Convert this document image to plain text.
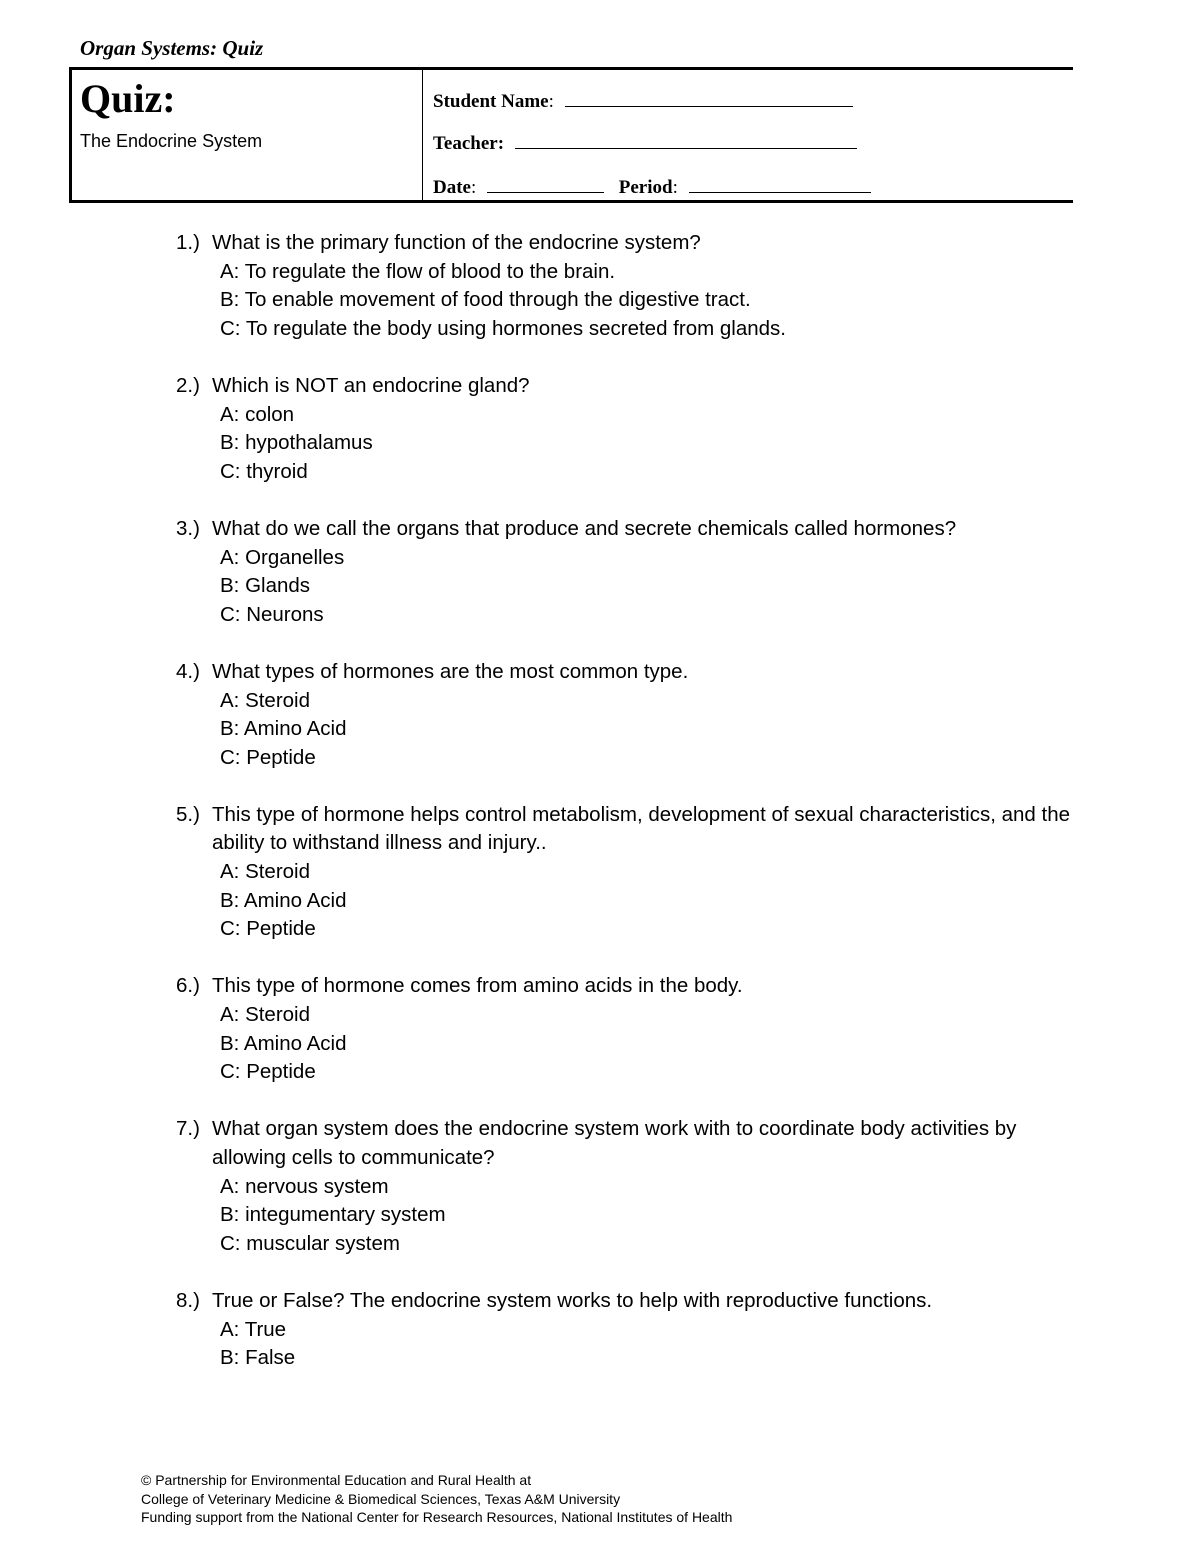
Organ Systems: Quiz
Quiz:
The Endocrine System
Student Name:
Teacher:
Date:	Period:
1.) What is the primary function of the endocrine system?
A: To regulate the flow of blood to the brain.
B: To enable movement of food through the digestive tract.
C: To regulate the body using hormones secreted from glands.
2.) Which is NOT an endocrine gland?
A: colon
B: hypothalamus
C: thyroid
3.) What do we call the organs that produce and secrete chemicals called hormones?
A: Organelles
B: Glands
C: Neurons
4.) What types of hormones are the most common type.
A: Steroid
B: Amino Acid
C: Peptide
5.) This type of hormone helps control metabolism, development of sexual characteristics, and the ability to withstand illness and injury..
A: Steroid
B: Amino Acid
C: Peptide
6.) This type of hormone comes from amino acids in the body.
A: Steroid
B: Amino Acid
C: Peptide
7.) What organ system does the endocrine system work with to coordinate body activities by allowing cells to communicate?
A: nervous system
B: integumentary system
C: muscular system
8.) True or False? The endocrine system works to help with reproductive functions.
A: True
B: False
© Partnership for Environmental Education and Rural Health at
College of Veterinary Medicine & Biomedical Sciences, Texas A&M University
Funding support from the National Center for Research Resources, National Institutes of Health
